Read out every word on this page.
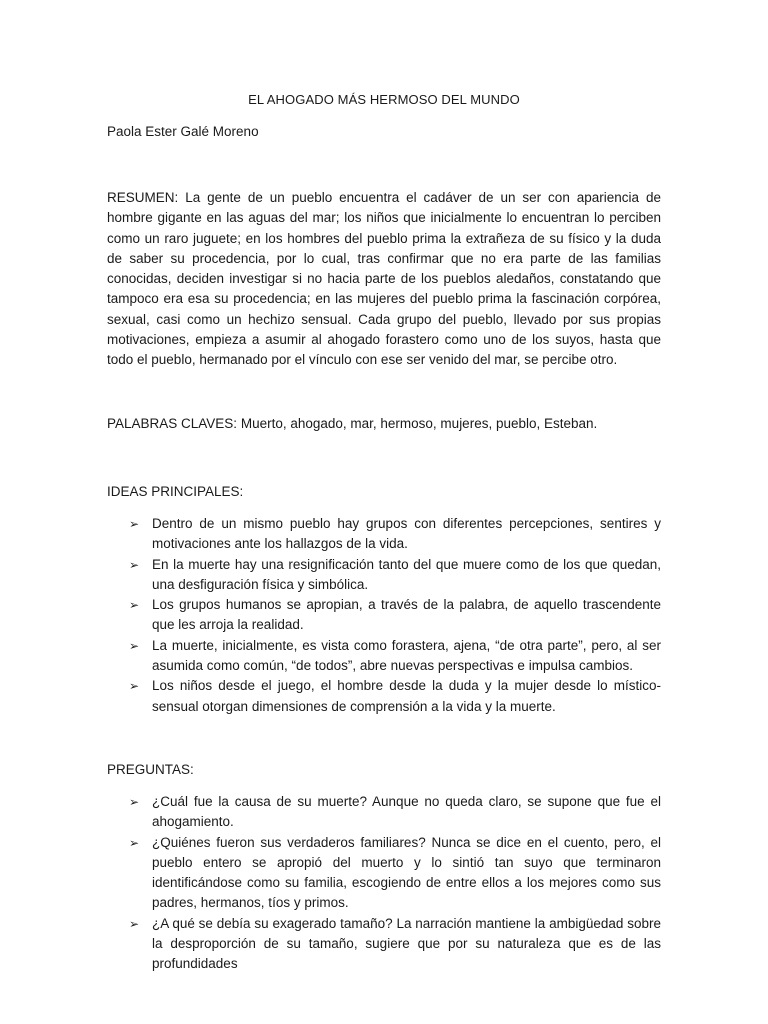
EL AHOGADO MÁS HERMOSO DEL MUNDO
Paola Ester Galé Moreno
RESUMEN: La gente de un pueblo encuentra el cadáver de un ser con apariencia de hombre gigante en las aguas del mar; los niños que inicialmente lo encuentran lo perciben como un raro juguete; en los hombres del pueblo prima la extrañeza de su físico y la duda de saber su procedencia, por lo cual, tras confirmar que no era parte de las familias conocidas, deciden investigar si no hacia parte de los pueblos aledaños, constatando que tampoco era esa su procedencia; en las mujeres del pueblo prima la fascinación corpórea, sexual, casi como un hechizo sensual. Cada grupo del pueblo, llevado por sus propias motivaciones, empieza a asumir al ahogado forastero como uno de los suyos, hasta que todo el pueblo, hermanado por el vínculo con ese ser venido del mar, se percibe otro.
PALABRAS CLAVES: Muerto, ahogado, mar, hermoso, mujeres, pueblo, Esteban.
IDEAS PRINCIPALES:
➢ Dentro de un mismo pueblo hay grupos con diferentes percepciones, sentires y motivaciones ante los hallazgos de la vida.
➢ En la muerte hay una resignificación tanto del que muere como de los que quedan, una desfiguración física y simbólica.
➢ Los grupos humanos se apropian, a través de la palabra, de aquello trascendente que les arroja la realidad.
➢ La muerte, inicialmente, es vista como forastera, ajena, “de otra parte”, pero, al ser asumida como común, “de todos”, abre nuevas perspectivas e impulsa cambios.
➢ Los niños desde el juego, el hombre desde la duda y la mujer desde lo místico-sensual otorgan dimensiones de comprensión a la vida y la muerte.
PREGUNTAS:
➢ ¿Cuál fue la causa de su muerte? Aunque no queda claro, se supone que fue el ahogamiento.
➢ ¿Quiénes fueron sus verdaderos familiares? Nunca se dice en el cuento, pero, el pueblo entero se apropió del muerto y lo sintió tan suyo que terminaron identificándose como su familia, escogiendo de entre ellos a los mejores como sus padres, hermanos, tíos y primos.
➢ ¿A qué se debía su exagerado tamaño? La narración mantiene la ambigüedad sobre la desproporción de su tamaño, sugiere que por su naturaleza que es de las profundidades
